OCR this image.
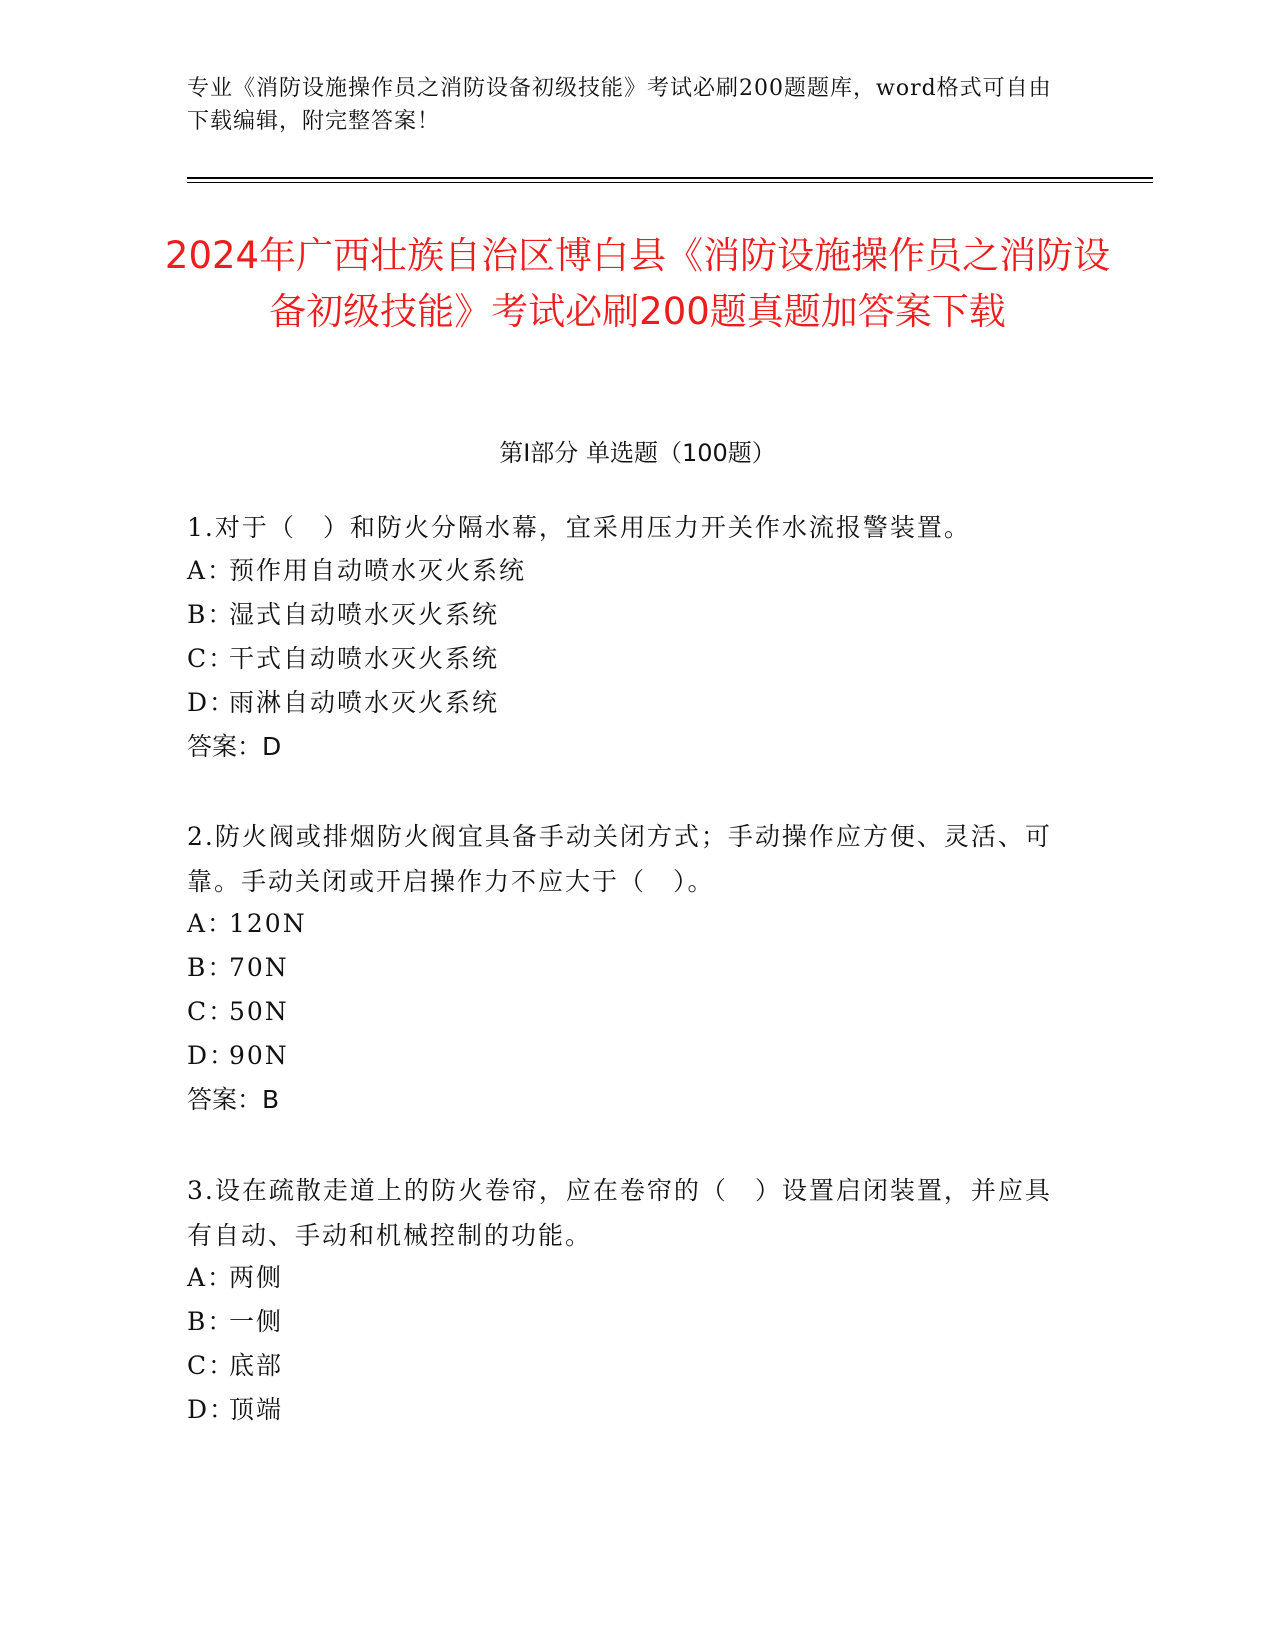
专业《消防设施操作员之消防设备初级技能》考试必刷200题题库，word格式可自由下载编辑，附完整答案！
2024年广西壮族自治区博白县《消防设施操作员之消防设备初级技能》考试必刷200题真题加答案下载
第Ⅰ部分 单选题（100题）
1.对于（　）和防火分隔水幕，宜采用压力开关作水流报警装置。
A：预作用自动喷水灭火系统
B：湿式自动喷水灭火系统
C：干式自动喷水灭火系统
D：雨淋自动喷水灭火系统
答案：D
2.防火阀或排烟防火阀宜具备手动关闭方式；手动操作应方便、灵活、可靠。手动关闭或开启操作力不应大于（　）。
A：120N
B：70N
C：50N
D：90N
答案：B
3.设在疏散走道上的防火卷帘，应在卷帘的（　）设置启闭装置，并应具有自动、手动和机械控制的功能。
A：两侧
B：一侧
C：底部
D：顶端
